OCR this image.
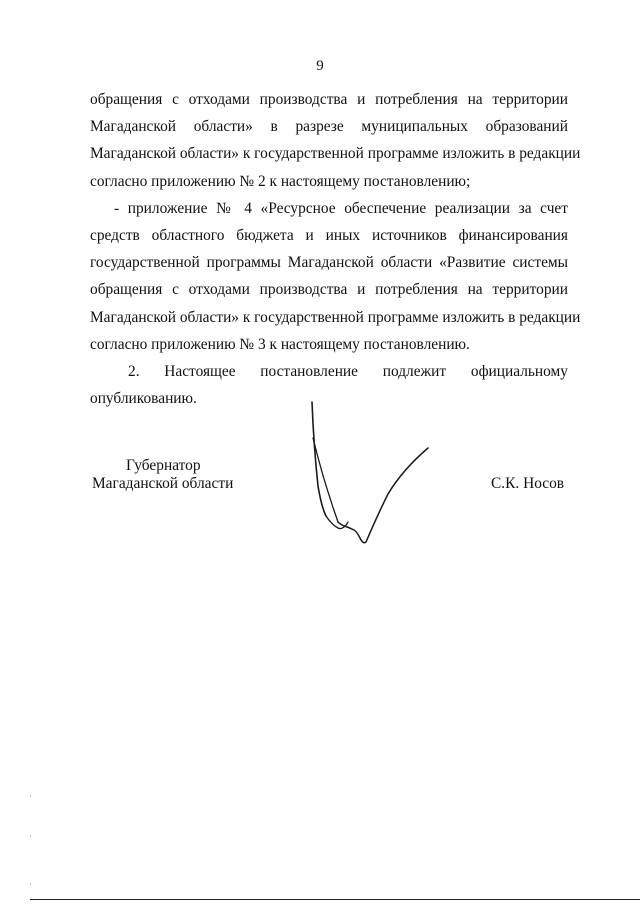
9
обращения с отходами производства и потребления на территории
Магаданской области» в разрезе муниципальных образований
Магаданской области» к государственной программе изложить в редакции
согласно приложению № 2 к настоящему постановлению;
- приложение № 4 «Ресурсное обеспечение реализации за счет
средств областного бюджета и иных источников финансирования
государственной программы Магаданской области «Развитие системы
обращения с отходами производства и потребления на территории
Магаданской области» к государственной программе изложить в редакции
согласно приложению № 3 к настоящему постановлению.
2. Настоящее постановление подлежит официальному
опубликованию.
Губернатор
Магаданской области	С.К. Носов
